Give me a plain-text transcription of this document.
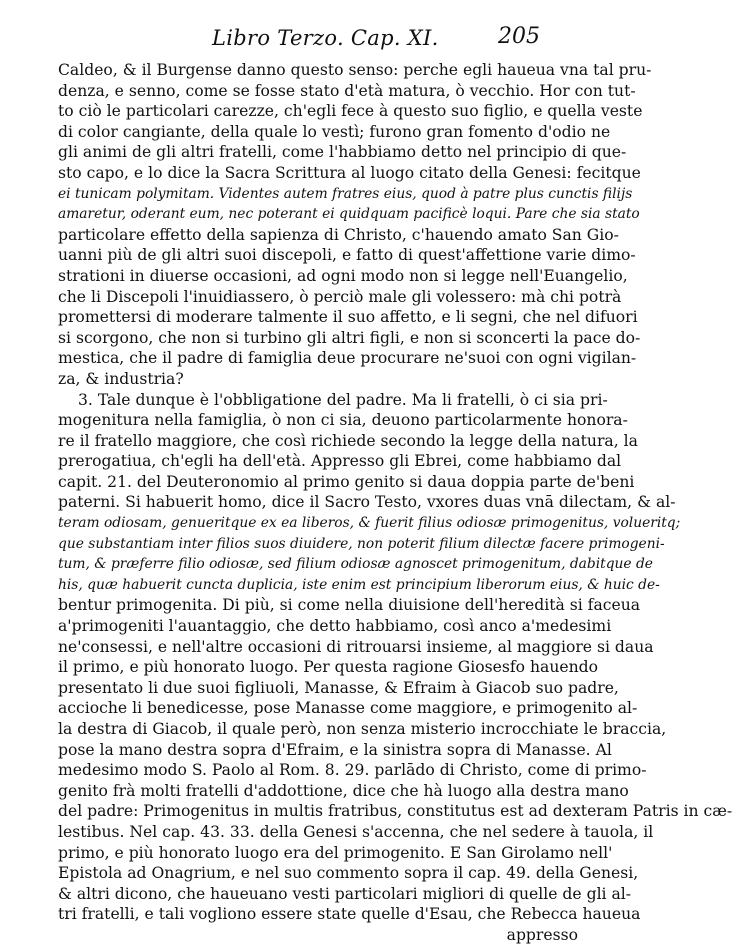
Libro Terzo. Cap. XI.	205
Caldeo, & il Burgense danno questo senso: perche egli haueua vna tal pru-
denza, e senno, come se fosse stato d'età matura, ò vecchio. Hor con tut-
to ciò le particolari carezze, ch'egli fece à questo suo figlio, e quella veste
di color cangiante, della quale lo vestì; furono gran fomento d'odio ne
gli animi de gli altri fratelli, come l'habbiamo detto nel principio di que-
sto capo, e lo dice la Sacra Scrittura al luogo citato della Genesi: fecitque
ei tunicam polymitam. Videntes autem fratres eius, quod à patre plus cunctis filijs
amaretur, oderant eum, nec poterant ei quidquam pacificè loqui. Pare che sia stato
particolare effetto della sapienza di Christo, c'hauendo amato San Gio-
uanni più de gli altri suoi discepoli, e fatto di quest'affettione varie dimo-
strationi in diuerse occasioni, ad ogni modo non si legge nell'Euangelio,
che li Discepoli l'inuidiassero, ò perciò male gli volessero: mà chi potrà
promettersi di moderare talmente il suo affetto, e li segni, che nel difuori
si scorgono, che non si turbino gli altri figli, e non si sconcerti la pace do-
mestica, che il padre di famiglia deue procurare ne'suoi con ogni vigilan-
za, & industria?
3. Tale dunque è l'obbligatione del padre. Ma li fratelli, ò ci sia pri-
mogenitura nella famiglia, ò non ci sia, deuono particolarmente honora-
re il fratello maggiore, che così richiede secondo la legge della natura, la
prerogatiua, ch'egli ha dell'età. Appresso gli Ebrei, come habbiamo dal
capit. 21. del Deuteronomio al primo genito si daua doppia parte de'beni
paterni. Si habuerit homo, dice il Sacro Testo, vxores duas vnā dilectam, & al-
teram odiosam, genueritque ex ea liberos, & fuerit filius odiosæ primogenitus, volueritq;
que substantiam inter filios suos diuidere, non poterit filium dilectæ facere primogeni-
tum, & præferre filio odiosæ, sed filium odiosæ agnoscet primogenitum, dabitque de
his, quæ habuerit cuncta duplicia, iste enim est principium liberorum eius, & huic de-
bentur primogenita. Di più, si come nella diuisione dell'heredità si faceua
a'primogeniti l'auantaggio, che detto habbiamo, così anco a'medesimi
ne'consessi, e nell'altre occasioni di ritrouarsi insieme, al maggiore si daua
il primo, e più honorato luogo. Per questa ragione Giosesfo hauendo
presentato li due suoi figliuoli, Manasse, & Efraim à Giacob suo padre,
accioche li benedicesse, pose Manasse come maggiore, e primogenito al-
la destra di Giacob, il quale però, non senza misterio incrocchiate le braccia,
pose la mano destra sopra d'Efraim, e la sinistra sopra di Manasse. Al
medesimo modo S. Paolo al Rom. 8. 29. parlādo di Christo, come di primo-
genito frà molti fratelli d'addottione, dice che hà luogo alla destra mano
del padre: Primogenitus in multis fratribus, constitutus est ad dexteram Patris in cæ-
lestibus. Nel cap. 43. 33. della Genesi s'accenna, che nel sedere à tauola, il
primo, e più honorato luogo era del primogenito. E San Girolamo nell'
Epistola ad Onagrium, e nel suo commento sopra il cap. 49. della Genesi,
& altri dicono, che haueuano vesti particolari migliori di quelle de gli al-
tri fratelli, e tali vogliono essere state quelle d'Esau, che Rebecca haueua
appresso
